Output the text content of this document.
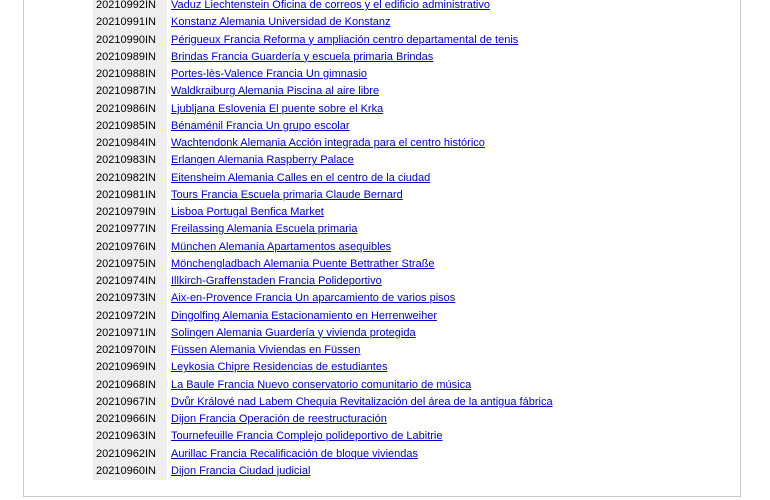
20210992IN	Vaduz Liechtenstein Oficina de correos y el edificio administrativo
20210991IN	Konstanz Alemania Universidad de Konstanz
20210990IN	Périgueux Francia Reforma y ampliación centro departamental de tenis
20210989IN	Brindas Francia Guardería y escuela primaria Brindas
20210988IN	Portes-lès-Valence Francia Un gimnasio
20210987IN	Waldkraiburg Alemania Piscina al aire libre
20210986IN	Ljubljana Eslovenia El puente sobre el Krka
20210985IN	Bénaménil Francia Un grupo escolar
20210984IN	Wachtendonk Alemania Acción integrada para el centro histórico
20210983IN	Erlangen Alemania Raspberry Palace
20210982IN	Eitensheim Alemania Calles en el centro de la ciudad
20210981IN	Tours Francia Escuela primaria Claude Bernard
20210979IN	Lisboa Portugal Benfica Market
20210977IN	Freilassing Alemania Escuela primaria
20210976IN	München Alemania Apartamentos asequibles
20210975IN	Mönchengladbach Alemania Puente Bettrather Straße
20210974IN	Illkirch-Graffenstaden Francia Polideportivo
20210973IN	Aix-en-Provence Francia Un aparcamiento de varios pisos
20210972IN	Dingolfing Alemania Estacionamiento en Herrenweiher
20210971IN	Solingen Alemania Guardería y vivienda protegida
20210970IN	Füssen Alemania Viviendas en Füssen
20210969IN	Leykosia Chipre Residencias de estudiantes
20210968IN	La Baule Francia Nuevo conservatorio comunitario de música
20210967IN	Dvůr Králové nad Labem Chequia Revitalización del área de la antigua fábrica
20210966IN	Dijon Francia Operación de reestructuración
20210963IN	Tournefeuille Francia Complejo polideportivo de Labitrie
20210962IN	Aurillac Francia Recalificación de bloque viviendas
20210960IN	Dijon Francia Ciudad judicial
